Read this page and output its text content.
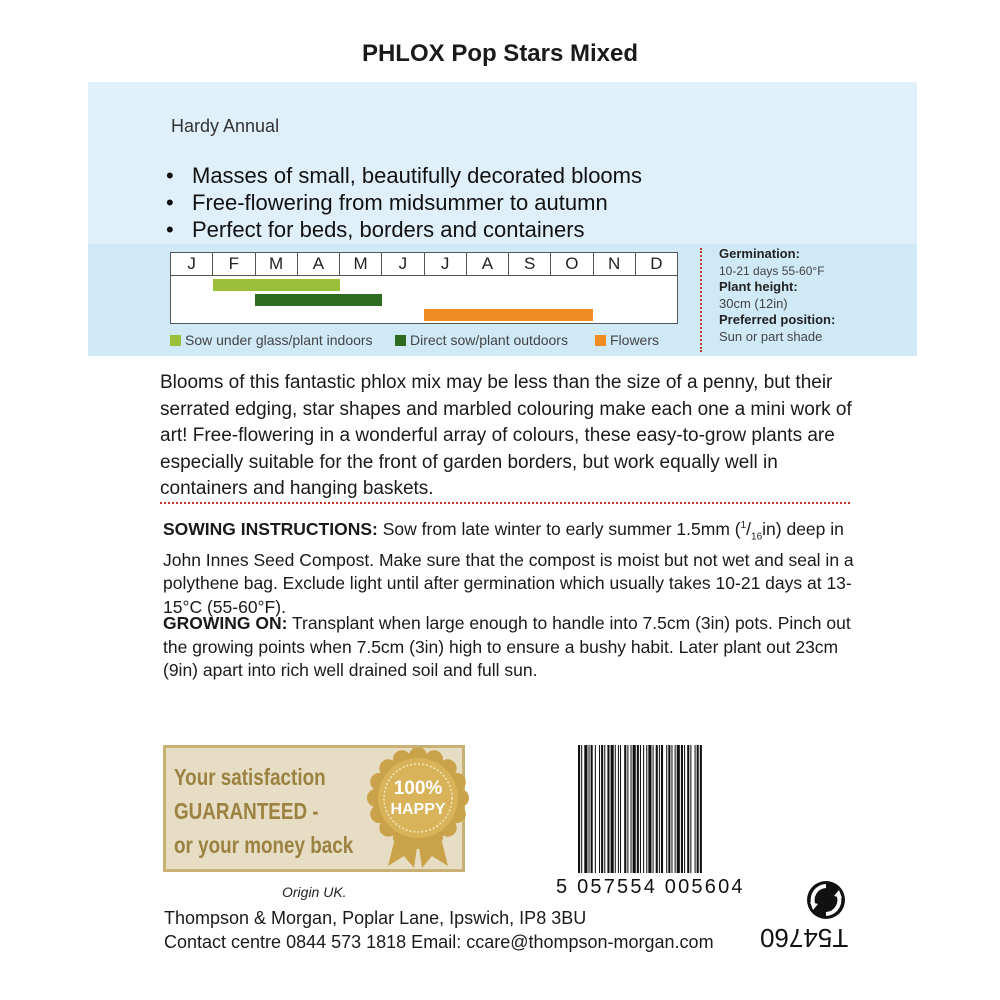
PHLOX Pop Stars Mixed
Hardy Annual
• Masses of small, beautifully decorated blooms
• Free-flowering from midsummer to autumn
• Perfect for beds, borders and containers
J	F	M	A	M	J	J	A	S	O	N	D
Sow under glass/plant indoors	Direct sow/plant outdoors	Flowers
Germination:
10-21 days 55-60°F
Plant height:
30cm (12in)
Preferred position:
Sun or part shade
Blooms of this fantastic phlox mix may be less than the size of a penny, but their serrated edging, star shapes and marbled colouring make each one a mini work of art! Free-flowering in a wonderful array of colours, these easy-to-grow plants are especially suitable for the front of garden borders, but work equally well in containers and hanging baskets.
SOWING INSTRUCTIONS: Sow from late winter to early summer 1.5mm $(^1/_{16}in)$ deep in John Innes Seed Compost. Make sure that the compost is moist but not wet and seal in a polythene bag. Exclude light until after germination which usually takes 10-21 days at 13-15°C (55-60°F).
GROWING ON: Transplant when large enough to handle into 7.5cm (3in) pots. Pinch out the growing points when 7.5cm (3in) high to ensure a bushy habit. Later plant out 23cm (9in) apart into rich well drained soil and full sun.
Your satisfaction
GUARANTEED -
or your money back
100%
HAPPY
Origin UK.
Thompson & Morgan, Poplar Lane, Ipswich, IP8 3BU
Contact centre 0844 573 1818 Email: ccare@thompson-morgan.com
5 057554 005604
T54760
